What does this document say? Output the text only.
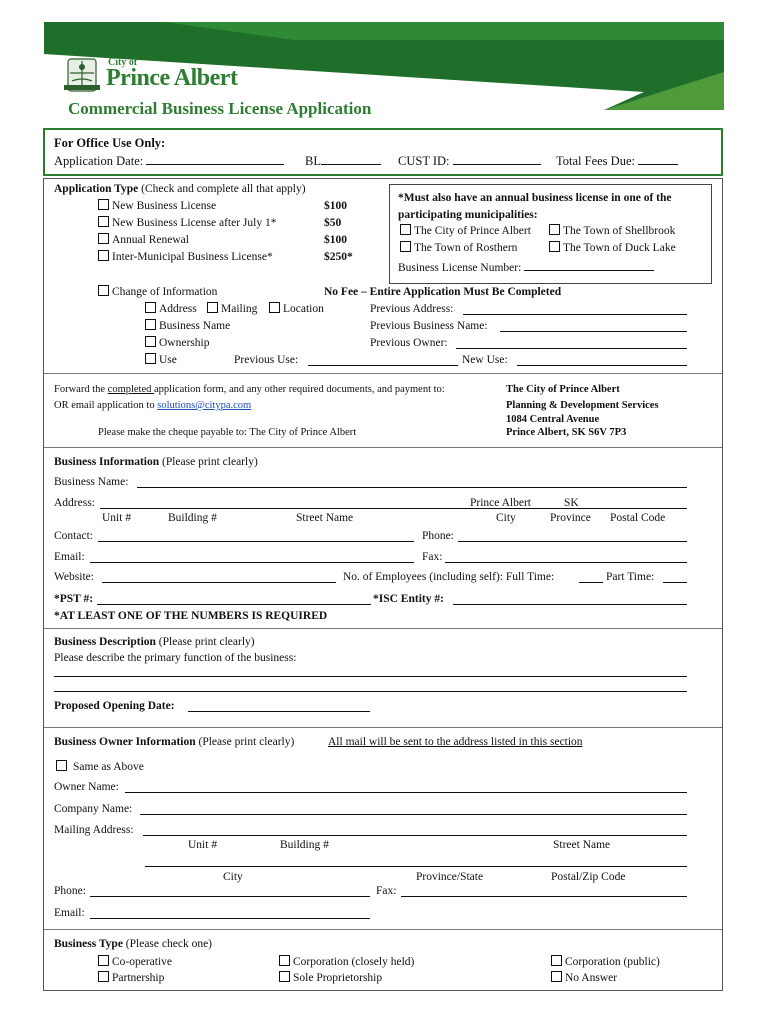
City of
Prince Albert
Commercial Business License Application
For Office Use Only:
Application Date:	BL	CUST ID:	Total Fees Due:
Application Type (Check and complete all that apply)
New Business License	$100
New Business License after July 1*	$50
Annual Renewal	$100
Inter-Municipal Business License*	$250*
*Must also have an annual business license in one of the
participating municipalities:
The City of Prince Albert	The Town of Shellbrook
The Town of Rosthern	The Town of Duck Lake
Business License Number:
Change of Information	No Fee – Entire Application Must Be Completed
Address	Mailing	Location
Business Name
Ownership
Use
Previous Address:
Previous Business Name:
Previous Owner:
Previous Use:	New Use:
Forward the completed application form, and any other required documents, and payment to:
OR email application to solutions@citypa.com
Please make the cheque payable to: The City of Prince Albert
The City of Prince Albert
Planning & Development Services
1084 Central Avenue
Prince Albert, SK S6V 7P3
Business Information (Please print clearly)
Business Name:
Address:	Prince Albert	SK
Unit #	Building #	Street Name	City	Province Postal Code
Contact:	Phone:
Email:	Fax:
Website:	No. of Employees (including self): Full Time:	Part Time:
*PST #:	*ISC Entity #:
*AT LEAST ONE OF THE NUMBERS IS REQUIRED
Business Description (Please print clearly)
Please describe the primary function of the business:
Proposed Opening Date:
Business Owner Information (Please print clearly)	All mail will be sent to the address listed in this section
Same as Above
Owner Name:
Company Name:
Mailing Address:
Unit #	Building #	Street Name
City	Province/State	Postal/Zip Code
Phone:	Fax:
Email:
Business Type (Please check one)
Co-operative
Partnership
Corporation (closely held)
Sole Proprietorship
Corporation (public)
No Answer
